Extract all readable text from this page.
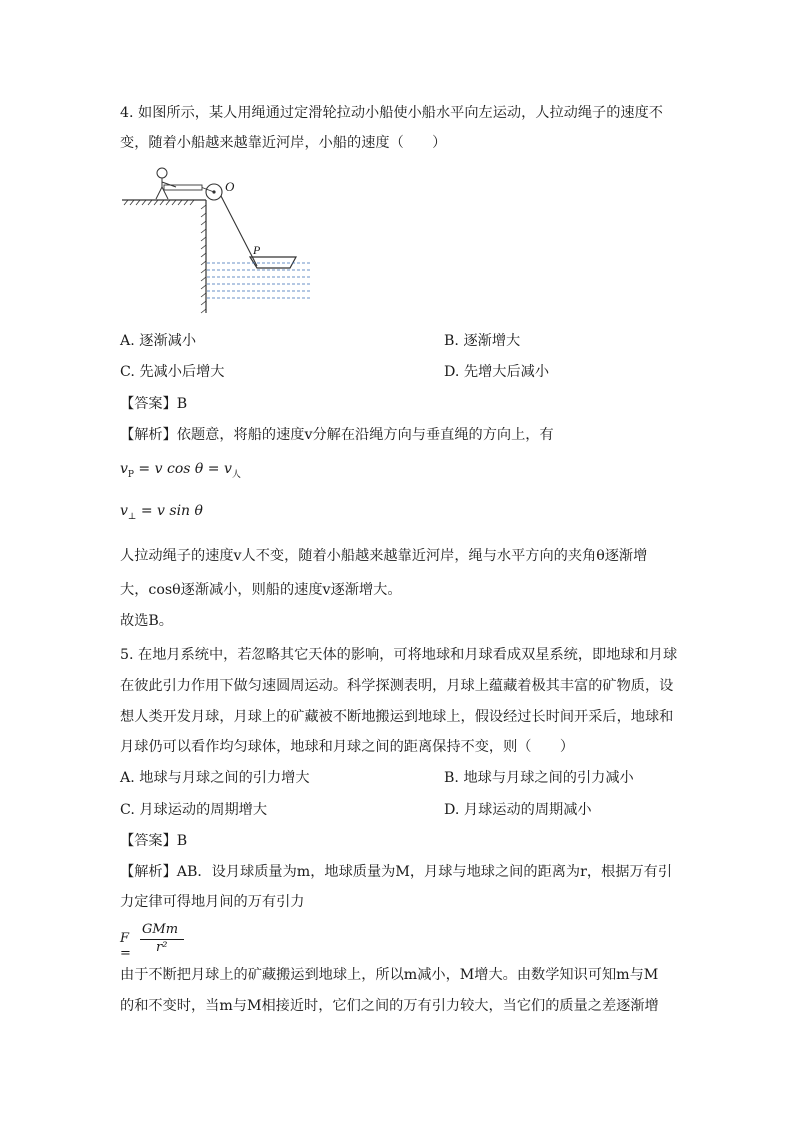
4. 如图所示，某人用绳通过定滑轮拉动小船使小船水平向左运动，人拉动绳子的速度不
变，随着小船越来越靠近河岸，小船的速度（　　）
O
P
A. 逐渐减小	B. 逐渐增大
C. 先减小后增大	D. 先增大后减小
【答案】B
【解析】依题意，将船的速度v分解在沿绳方向与垂直绳的方向上，有
$v_P = v$ $\cos \theta = v_人$
$v_\perp = v$ sin θ
人拉动绳子的速度v人不变，随着小船越来越靠近河岸，绳与水平方向的夹角θ逐渐增
大，cosθ逐渐减小，则船的速度v逐渐增大。
故选B。
5. 在地月系统中，若忽略其它天体的影响，可将地球和月球看成双星系统，即地球和月球
在彼此引力作用下做匀速圆周运动。科学探测表明，月球上蕴藏着极其丰富的矿物质，设
想人类开发月球，月球上的矿藏被不断地搬运到地球上，假设经过长时间开采后，地球和
月球仍可以看作均匀球体，地球和月球之间的距离保持不变，则（　　）
A. 地球与月球之间的引力增大	B. 地球与月球之间的引力减小
C. 月球运动的周期增大	D. 月球运动的周期减小
【答案】B
【解析】AB．设月球质量为m，地球质量为M，月球与地球之间的距离为r，根据万有引
力定律可得地月间的万有引力
F =
GMm
r²
由于不断把月球上的矿藏搬运到地球上，所以m减小，M增大。由数学知识可知m与M
的和不变时，当m与M相接近时，它们之间的万有引力较大，当它们的质量之差逐渐增
